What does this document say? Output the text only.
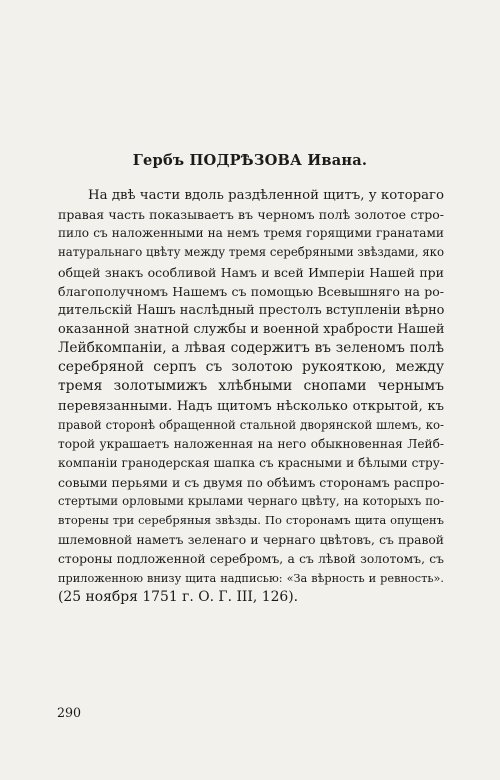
Гербъ ПОДРѢЗОВА Ивана.
На двѣ части вдоль раздѣленной щитъ, у котораго
правая часть показываетъ въ черномъ полѣ золотое стро-
пило съ наложенными на немъ тремя горящими гранатами
натуральнаго цвѣту между тремя серебряными звѣздами, яко
общей знакъ особливой Намъ и всей Имперіи Нашей при
благополучномъ Нашемъ съ помощью Всевышняго на ро-
дительскій Нашъ наслѣдный престолъ вступленіи вѣрно
оказанной знатной службы и военной храбрости Нашей
Лейбкомпаніи, а лѣвая содержитъ въ зеленомъ полѣ
серебряной серпъ съ золотою рукояткою, между
тремя золотымижъ хлѣбными снопами чернымъ
перевязанными. Надъ щитомъ нѣсколько открытой, къ
правой сторонѣ обращенной стальной дворянской шлемъ, ко-
торой украшаетъ наложенная на него обыкновенная Лейб-
компаніи гранодерская шапка съ красными и бѣлыми стру-
совыми перьями и съ двумя по обѣимъ сторонамъ распро-
стертыми орловыми крылами чернаго цвѣту, на которыхъ по-
вторены три серебряныя звѣзды. По сторонамъ щита опущенъ
шлемовной наметъ зеленаго и чернаго цвѣтовъ, съ правой
стороны подложенной серебромъ, а съ лѣвой золотомъ, съ
приложенною внизу щита надписью: «За вѣрность и ревность».
(25 ноября 1751 г. О. Г. III, 126).
290
